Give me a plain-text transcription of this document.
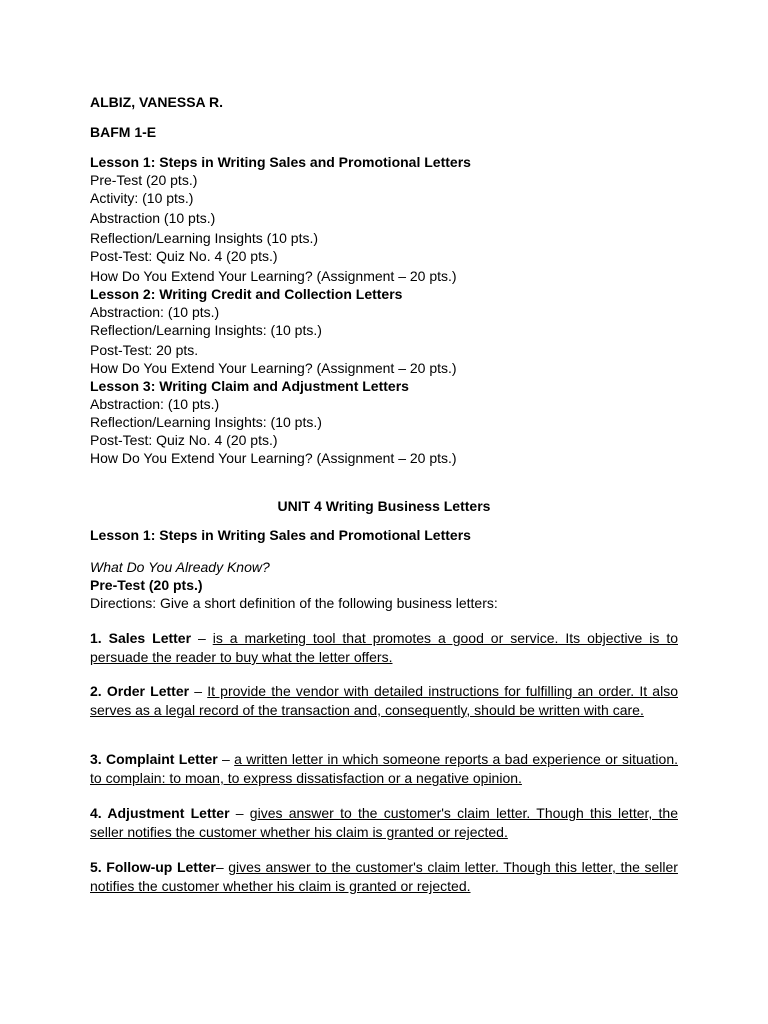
ALBIZ, VANESSA R.
BAFM 1-E
Lesson 1: Steps in Writing Sales and Promotional Letters
Pre-Test (20 pts.)
Activity: (10 pts.)
Abstraction (10 pts.)
Reflection/Learning Insights (10 pts.)
Post-Test: Quiz No. 4 (20 pts.)
How Do You Extend Your Learning? (Assignment – 20 pts.)
Lesson 2: Writing Credit and Collection Letters
Abstraction: (10 pts.)
Reflection/Learning Insights: (10 pts.)
Post-Test: 20 pts.
How Do You Extend Your Learning? (Assignment – 20 pts.)
Lesson 3: Writing Claim and Adjustment Letters
Abstraction: (10 pts.)
Reflection/Learning Insights: (10 pts.)
Post-Test: Quiz No. 4 (20 pts.)
How Do You Extend Your Learning? (Assignment – 20 pts.)
UNIT 4 Writing Business Letters
Lesson 1: Steps in Writing Sales and Promotional Letters
What Do You Already Know?
Pre-Test (20 pts.)
Directions: Give a short definition of the following business letters:
1. Sales Letter – is a marketing tool that promotes a good or service. Its objective is to persuade the reader to buy what the letter offers.
2. Order Letter – It provide the vendor with detailed instructions for fulfilling an order. It also serves as a legal record of the transaction and, consequently, should be written with care.
3. Complaint Letter – a written letter in which someone reports a bad experience or situation. to complain: to moan, to express dissatisfaction or a negative opinion.
4. Adjustment Letter – gives answer to the customer's claim letter. Though this letter, the seller notifies the customer whether his claim is granted or rejected.
5. Follow-up Letter– gives answer to the customer's claim letter. Though this letter, the seller notifies the customer whether his claim is granted or rejected.
